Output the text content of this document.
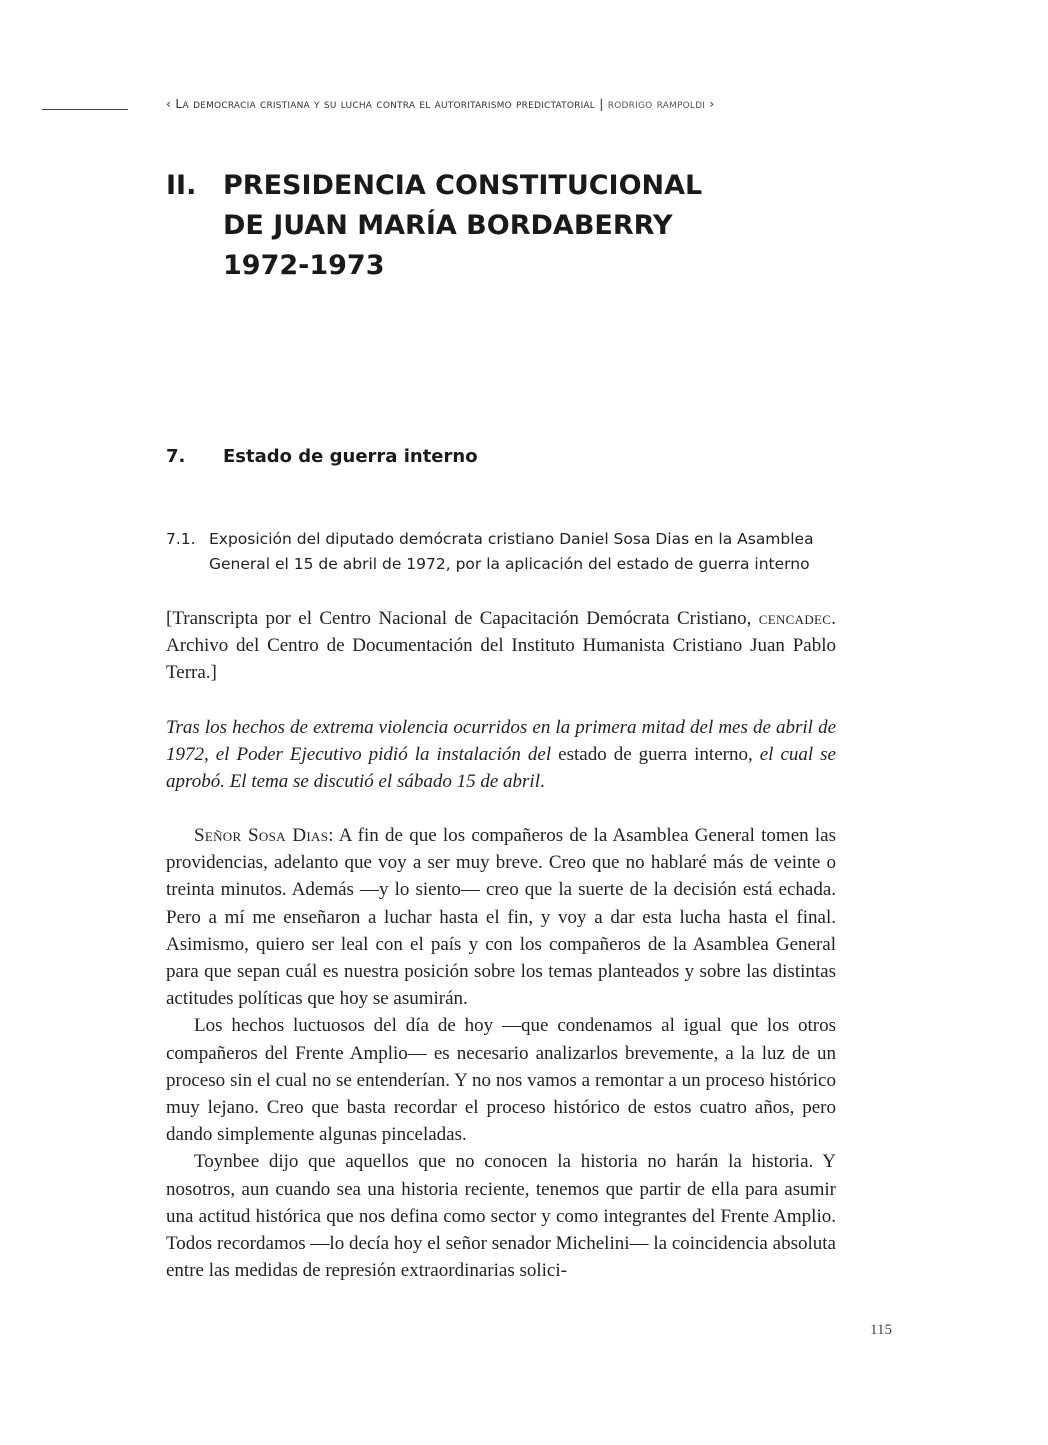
‹ La democracia cristiana y su lucha contra el autoritarismo predictatorial | rodrigo rampoldi ›
II. PRESIDENCIA CONSTITUCIONAL
DE JUAN MARÍA BORDABERRY
1972-1973
7. Estado de guerra interno
7.1. Exposición del diputado demócrata cristiano Daniel Sosa Dias en la Asamblea General el 15 de abril de 1972, por la aplicación del estado de guerra interno
[Transcripta por el Centro Nacional de Capacitación Demócrata Cristiano, cencadec. Archivo del Centro de Documentación del Instituto Humanista Cristiano Juan Pablo Terra.]
Tras los hechos de extrema violencia ocurridos en la primera mitad del mes de abril de 1972, el Poder Ejecutivo pidió la instalación del estado de guerra interno, el cual se aprobó. El tema se discutió el sábado 15 de abril.

Señor Sosa Dias: A fin de que los compañeros de la Asamblea General tomen las providencias, adelanto que voy a ser muy breve. Creo que no hablaré más de veinte o treinta minutos. Además —y lo siento— creo que la suerte de la decisión está echada. Pero a mí me enseñaron a luchar hasta el fin, y voy a dar esta lucha hasta el final. Asimismo, quiero ser leal con el país y con los compañeros de la Asamblea General para que sepan cuál es nuestra posición sobre los temas planteados y sobre las distintas actitudes políticas que hoy se asumirán.

Los hechos luctuosos del día de hoy —que condenamos al igual que los otros compañeros del Frente Amplio— es necesario analizarlos brevemente, a la luz de un proceso sin el cual no se entenderían. Y no nos vamos a remontar a un proceso histórico muy lejano. Creo que basta recordar el proceso histórico de estos cuatro años, pero dando simplemente algunas pinceladas.

Toynbee dijo que aquellos que no conocen la historia no harán la historia. Y nosotros, aun cuando sea una historia reciente, tenemos que partir de ella para asumir una actitud histórica que nos defina como sector y como integrantes del Frente Amplio. Todos recordamos —lo decía hoy el señor senador Michelini— la coincidencia absoluta entre las medidas de represión extraordinarias solici-

115
